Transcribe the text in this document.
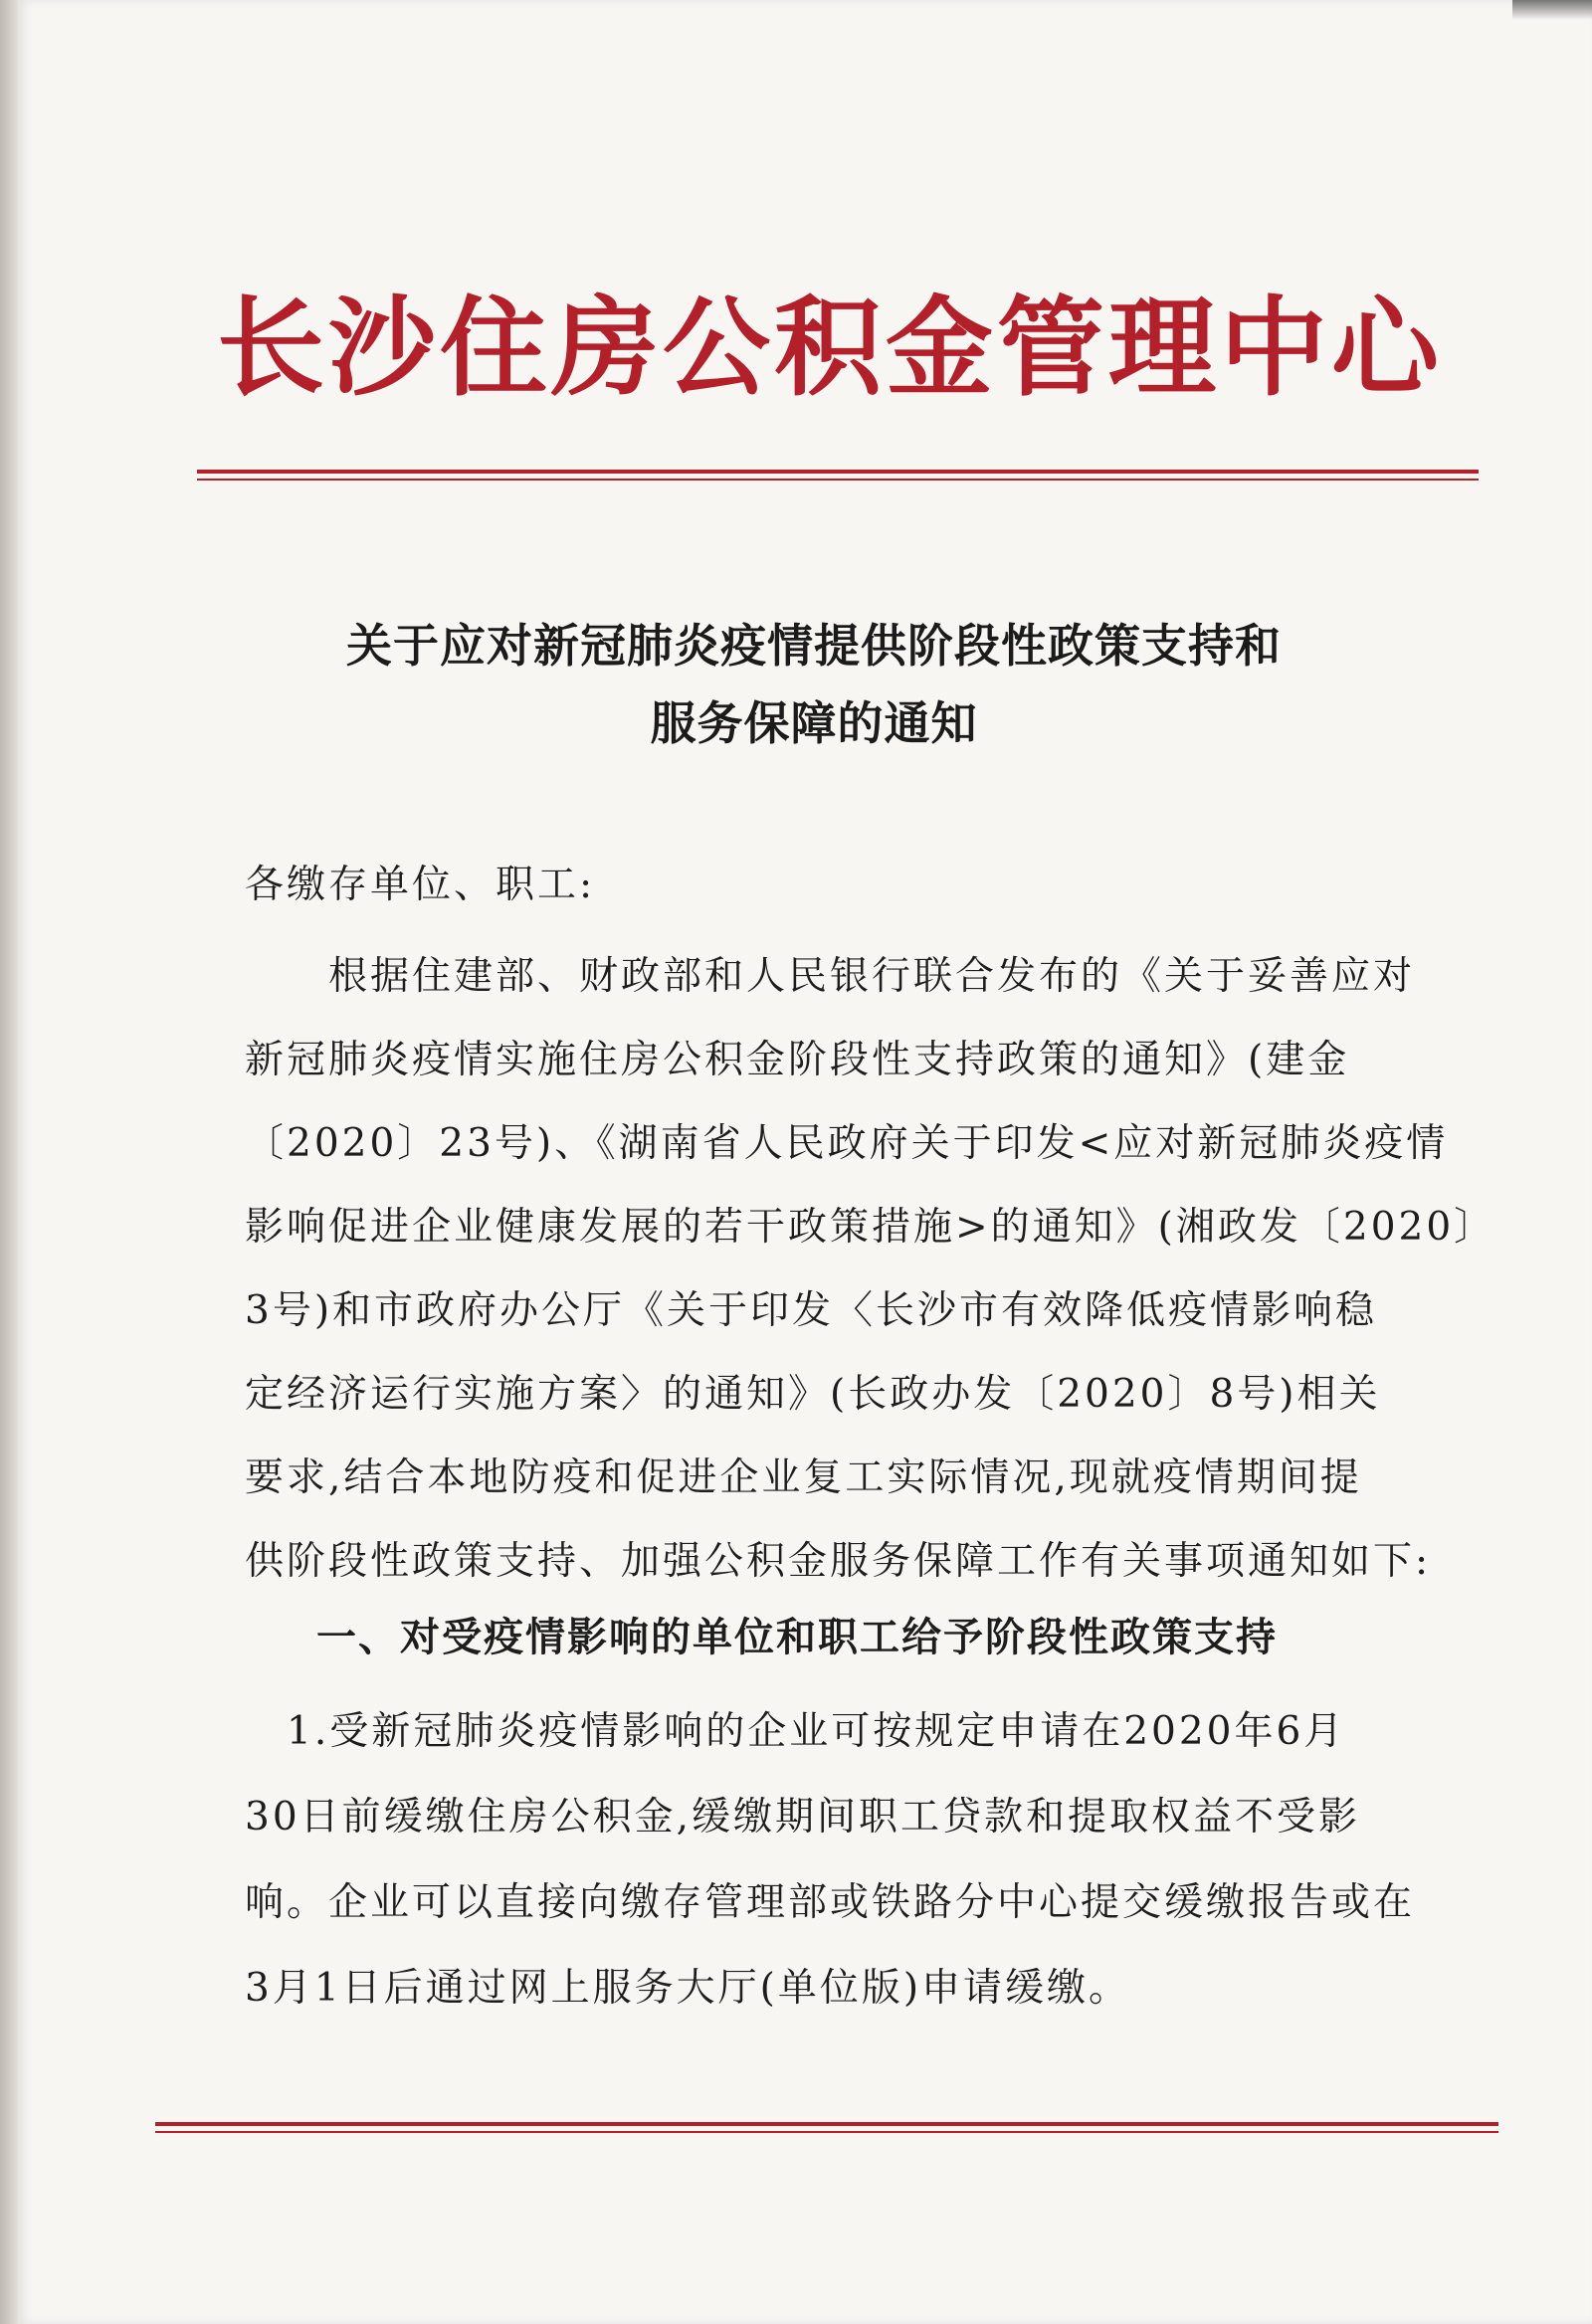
长沙住房公积金管理中心
关于应对新冠肺炎疫情提供阶段性政策支持和
服务保障的通知
各缴存单位、职工:
　　根据住建部、财政部和人民银行联合发布的《关于妥善应对
新冠肺炎疫情实施住房公积金阶段性支持政策的通知》(建金
〔2020〕23号)、《湖南省人民政府关于印发<应对新冠肺炎疫情
影响促进企业健康发展的若干政策措施>的通知》(湘政发〔2020〕
3号)和市政府办公厅《关于印发〈长沙市有效降低疫情影响稳
定经济运行实施方案〉的通知》(长政办发〔2020〕8号)相关
要求,结合本地防疫和促进企业复工实际情况,现就疫情期间提
供阶段性政策支持、加强公积金服务保障工作有关事项通知如下:
一、对受疫情影响的单位和职工给予阶段性政策支持
　1.受新冠肺炎疫情影响的企业可按规定申请在2020年6月
30日前缓缴住房公积金,缓缴期间职工贷款和提取权益不受影
响。企业可以直接向缴存管理部或铁路分中心提交缓缴报告或在
3月1日后通过网上服务大厅(单位版)申请缓缴。
